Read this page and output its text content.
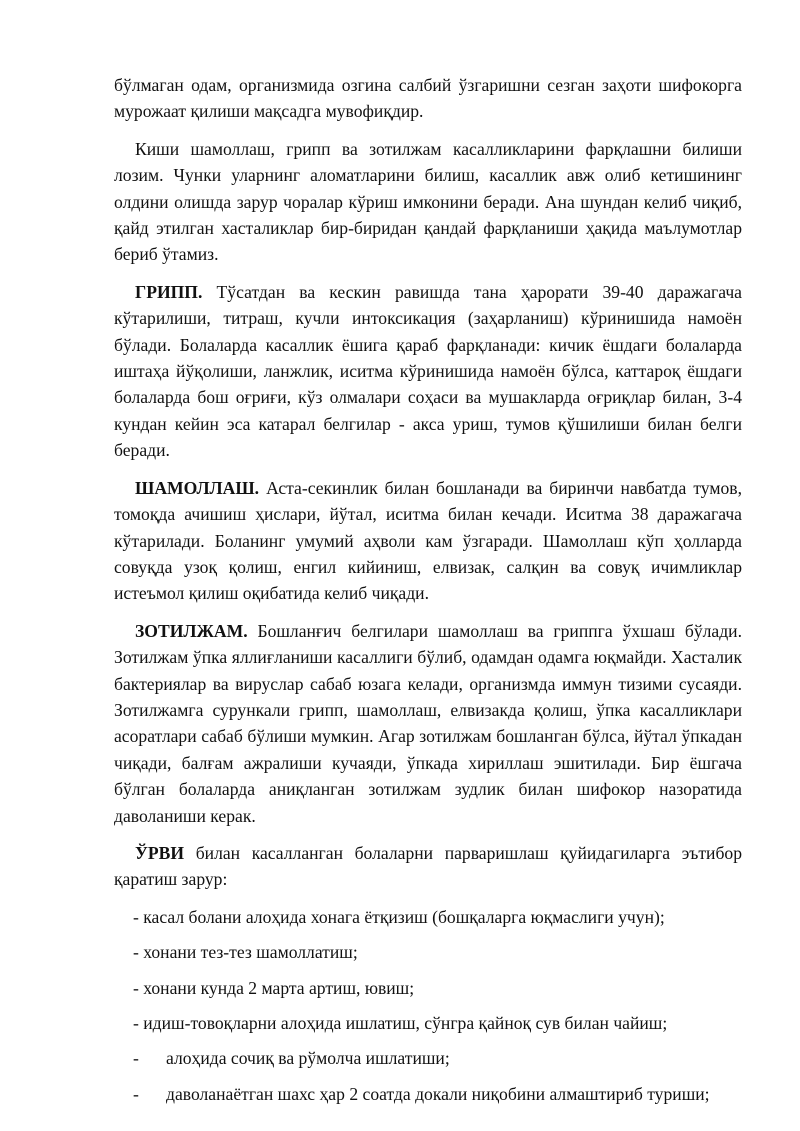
бўлмаган одам, организмида озгина салбий ўзгаришни сезган заҳоти шифокорга мурожаат қилиши мақсадга мувофиқдир.

Киши шамоллаш, грипп ва зотилжам касалликларини фарқлашни билиши лозим. Чунки уларнинг аломатларини билиш, касаллик авж олиб кетишининг олдини олишда зарур чоралар кўриш имконини беради. Ана шундан келиб чиқиб, қайд этилган хасталиклар бир-биридан қандай фарқланиши ҳақида маълумотлар бериб ўтамиз.

ГРИПП. Тўсатдан ва кескин равишда тана ҳарорати 39-40 даражагача кўтарилиши, титраш, кучли интоксикация (заҳарланиш) кўринишида намоён бўлади. Болаларда касаллик ёшига қараб фарқланади: кичик ёшдаги болаларда иштаҳа йўқолиши, ланжлик, иситма кўринишида намоён бўлса, каттароқ ёшдаги болаларда бош оғриғи, кўз олмалари соҳаси ва мушакларда оғриқлар билан, 3-4 кундан кейин эса катарал белгилар - акса уриш, тумов қўшилиши билан белги беради.

ШАМОЛЛАШ. Аста-секинлик билан бошланади ва биринчи навбатда тумов, томоқда ачишиш ҳислари, йўтал, иситма билан кечади. Иситма 38 даражагача кўтарилади. Боланинг умумий аҳволи кам ўзгаради. Шамоллаш кўп ҳолларда совуқда узоқ қолиш, енгил кийиниш, елвизак, салқин ва совуқ ичимликлар истеъмол қилиш оқибатида келиб чиқади.

ЗОТИЛЖАМ. Бошланғич белгилари шамоллаш ва гриппга ўхшаш бўлади. Зотилжам ўпка яллиғланиши касаллиги бўлиб, одамдан одамга юқмайди. Хасталик бактериялар ва вируслар сабаб юзага келади, организмда иммун тизими сусаяди. Зотилжамга сурункали грипп, шамоллаш, елвизакда қолиш, ўпка касалликлари асоратлари сабаб бўлиши мумкин. Агар зотилжам бошланган бўлса, йўтал ўпкадан чиқади, балғам ажралиши кучаяди, ўпкада хириллаш эшитилади. Бир ёшгача бўлган болаларда аниқланган зотилжам зудлик билан шифокор назоратида даволаниши керак.

ЎРВИ билан касалланган болаларни парваришлаш қуйидагиларга эътибор қаратиш зарур:

- касал болани алоҳида хонага ётқизиш (бошқаларга юқмаслиги учун);
- хонани тез-тез шамоллатиш;
- хонани кунда 2 марта артиш, ювиш;
- идиш-товоқларни алоҳида ишлатиш, сўнгра қайноқ сув билан чайиш;
- алоҳида сочиқ ва рўмолча ишлатиши;
- даволанаётган шахс ҳар 2 соатда докали ниқобини алмаштириб туриши;
